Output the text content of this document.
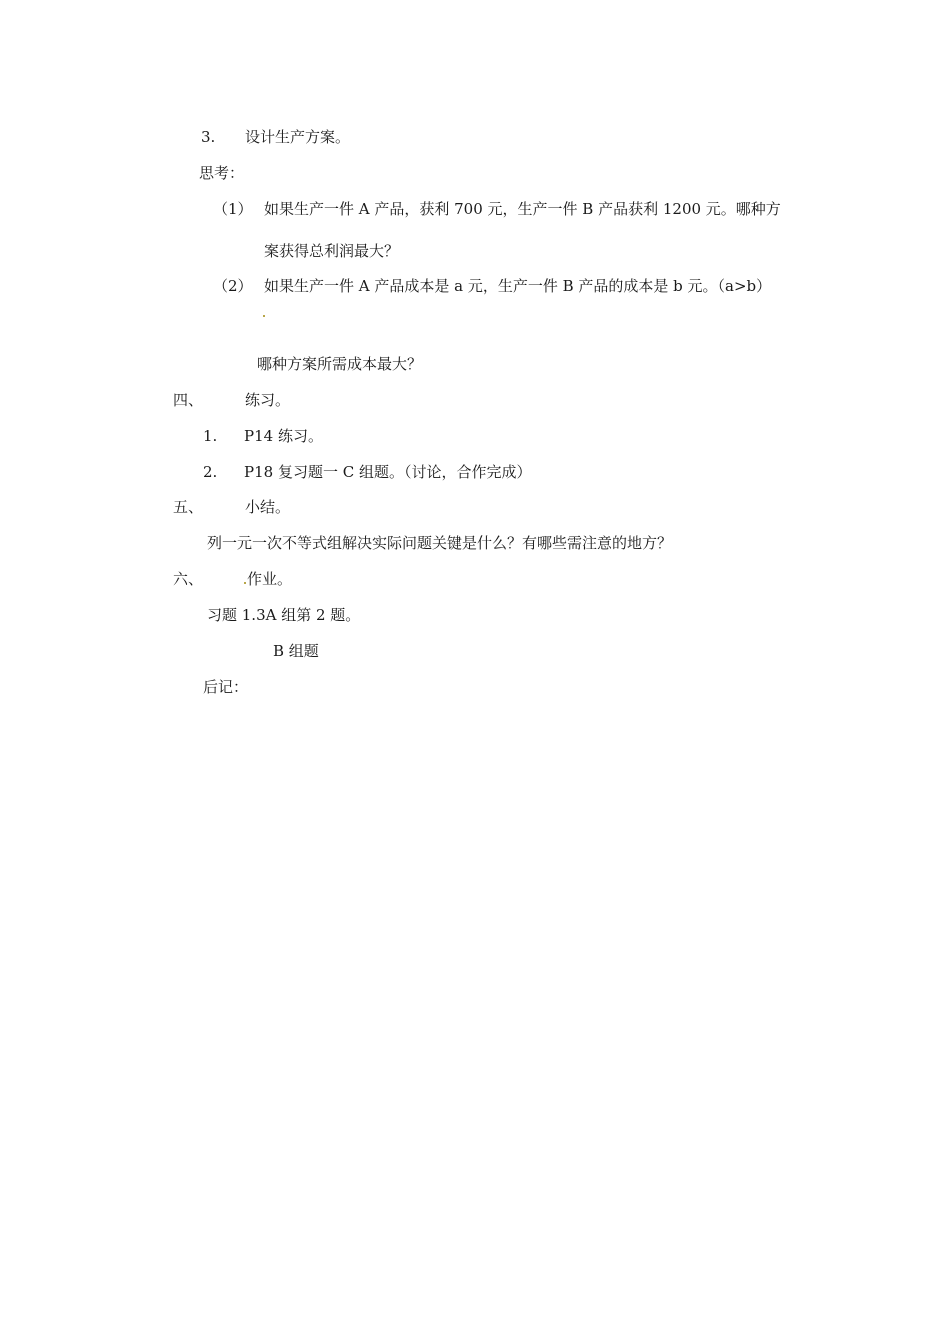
3. 设计生产方案。
思考：
（1） 如果生产一件 A 产品，获利 700 元，生产一件 B 产品获利 1200 元。哪种方
案获得总利润最大？
（2） 如果生产一件 A 产品成本是 a 元，生产一件 B 产品的成本是 b 元。（a>b）
哪种方案所需成本最大？
四、	练习。
1. P14 练习。
2. P18 复习题一 C 组题。（讨论，合作完成）
五、	小结。
列一元一次不等式组解决实际问题关键是什么？有哪些需注意的地方？
六、	作业。
习题 1.3A 组第 2 题。
B 组题
后记：
